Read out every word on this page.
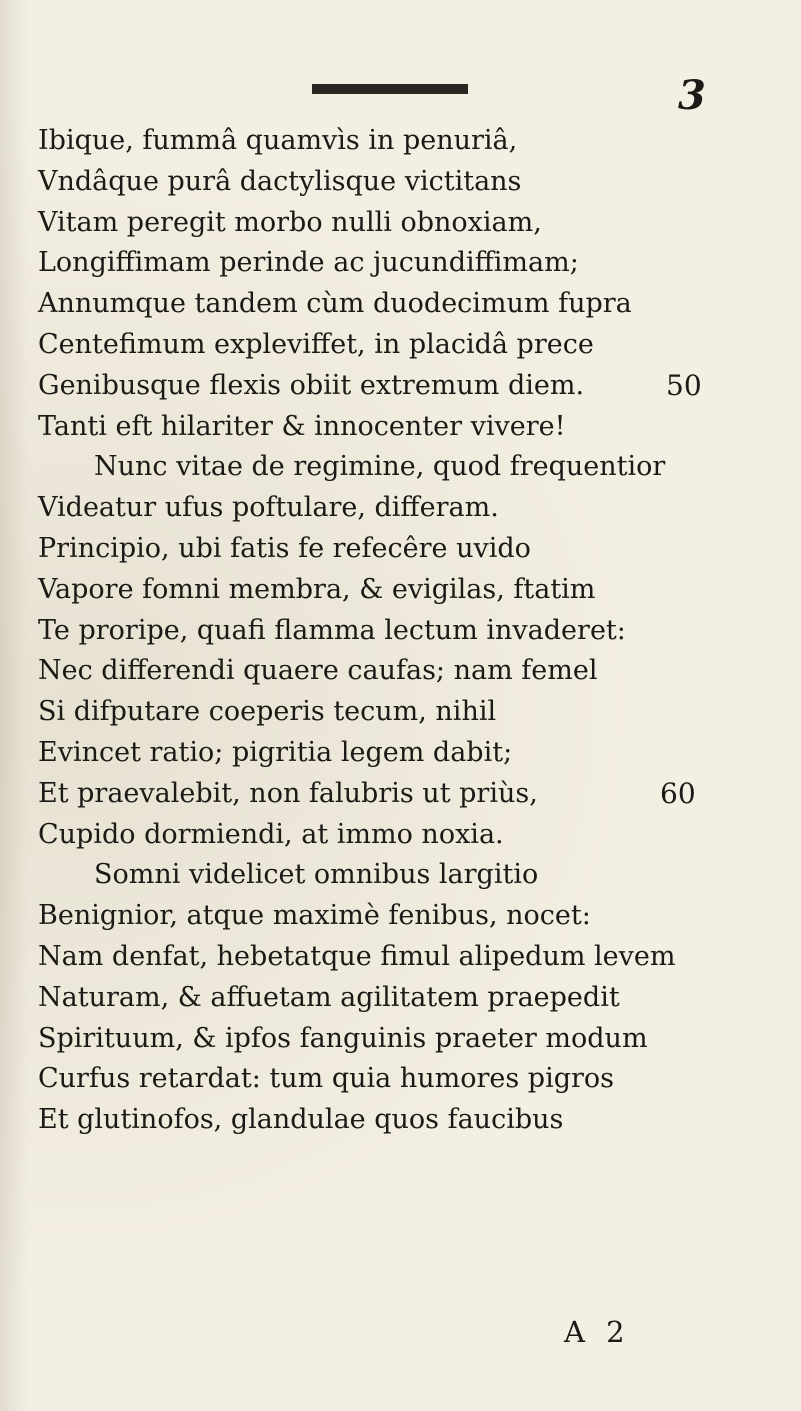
3
Ibique, fummâ quamvìs in penuriâ,
Vndâque purâ dactylisque victitans
Vitam peregit morbo nulli obnoxiam,
Longiffimam perinde ac jucundiffimam;
Annumque tandem cùm duodecimum fupra
Centefimum expleviffet, in placidâ prece
Genibusque flexis obiit extremum diem.	50
Tanti eft hilariter & innocenter vivere!
Nunc vitae de regimine, quod frequentior
Videatur ufus poftulare, differam.
Principio, ubi fatis fe refecêre uvido
Vapore fomni membra, & evigilas, ftatim
Te proripe, quafi flamma lectum invaderet:
Nec differendi quaere caufas; nam femel
Si difputare coeperis tecum, nihil
Evincet ratio; pigritia legem dabit;
Et praevalebit, non falubris ut priùs,	60
Cupido dormiendi, at immo noxia.
Somni videlicet omnibus largitio
Benignior, atque maximè fenibus, nocet:
Nam denfat, hebetatque fimul alipedum levem
Naturam, & affuetam agilitatem praepedit
Spirituum, & ipfos fanguinis praeter modum
Curfus retardat: tum quia humores pigros
Et glutinofos, glandulae quos faucibus
A 2
